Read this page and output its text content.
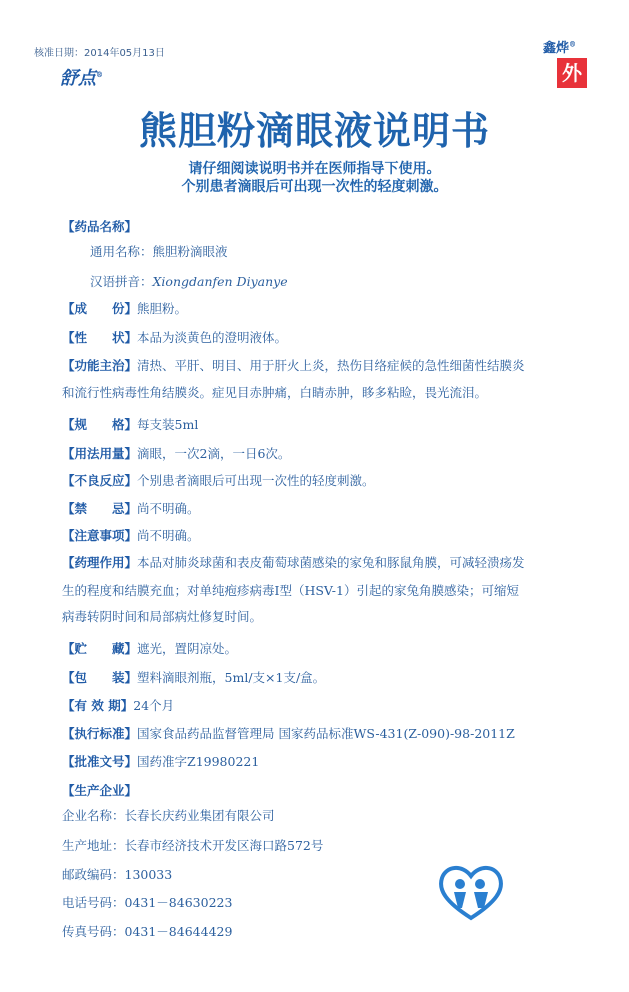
核准日期：2014年05月13日
舒点®
鑫烨®
外
熊胆粉滴眼液说明书
请仔细阅读说明书并在医师指导下使用。
个别患者滴眼后可出现一次性的轻度刺激。
【药品名称】
通用名称：熊胆粉滴眼液
汉语拼音：Xiongdanfen Diyanye
【成　　份】熊胆粉。
【性　　状】本品为淡黄色的澄明液体。
【功能主治】清热、平肝、明目、用于肝火上炎，热伤目络症候的急性细菌性结膜炎
和流行性病毒性角结膜炎。症见目赤肿痛，白睛赤肿，眵多粘睑，畏光流泪。
【规　　格】每支装5ml
【用法用量】滴眼，一次2滴，一日6次。
【不良反应】个别患者滴眼后可出现一次性的轻度刺激。
【禁　　忌】尚不明确。
【注意事项】尚不明确。
【药理作用】本品对肺炎球菌和表皮葡萄球菌感染的家兔和豚鼠角膜，可减轻溃疡发
生的程度和结膜充血；对单纯疱疹病毒I型（HSV-1）引起的家兔角膜感染；可缩短
病毒转阴时间和局部病灶修复时间。
【贮　　藏】遮光，置阴凉处。
【包　　装】塑料滴眼剂瓶，5ml/支×1支/盒。
【有 效 期】24个月
【执行标准】国家食品药品监督管理局 国家药品标准WS-431(Z-090)-98-2011Z
【批准文号】国药准字Z19980221
【生产企业】
企业名称：长春长庆药业集团有限公司
生产地址：长春市经济技术开发区海口路572号
邮政编码：130033
电话号码：0431－84630223
传真号码：0431－84644429
